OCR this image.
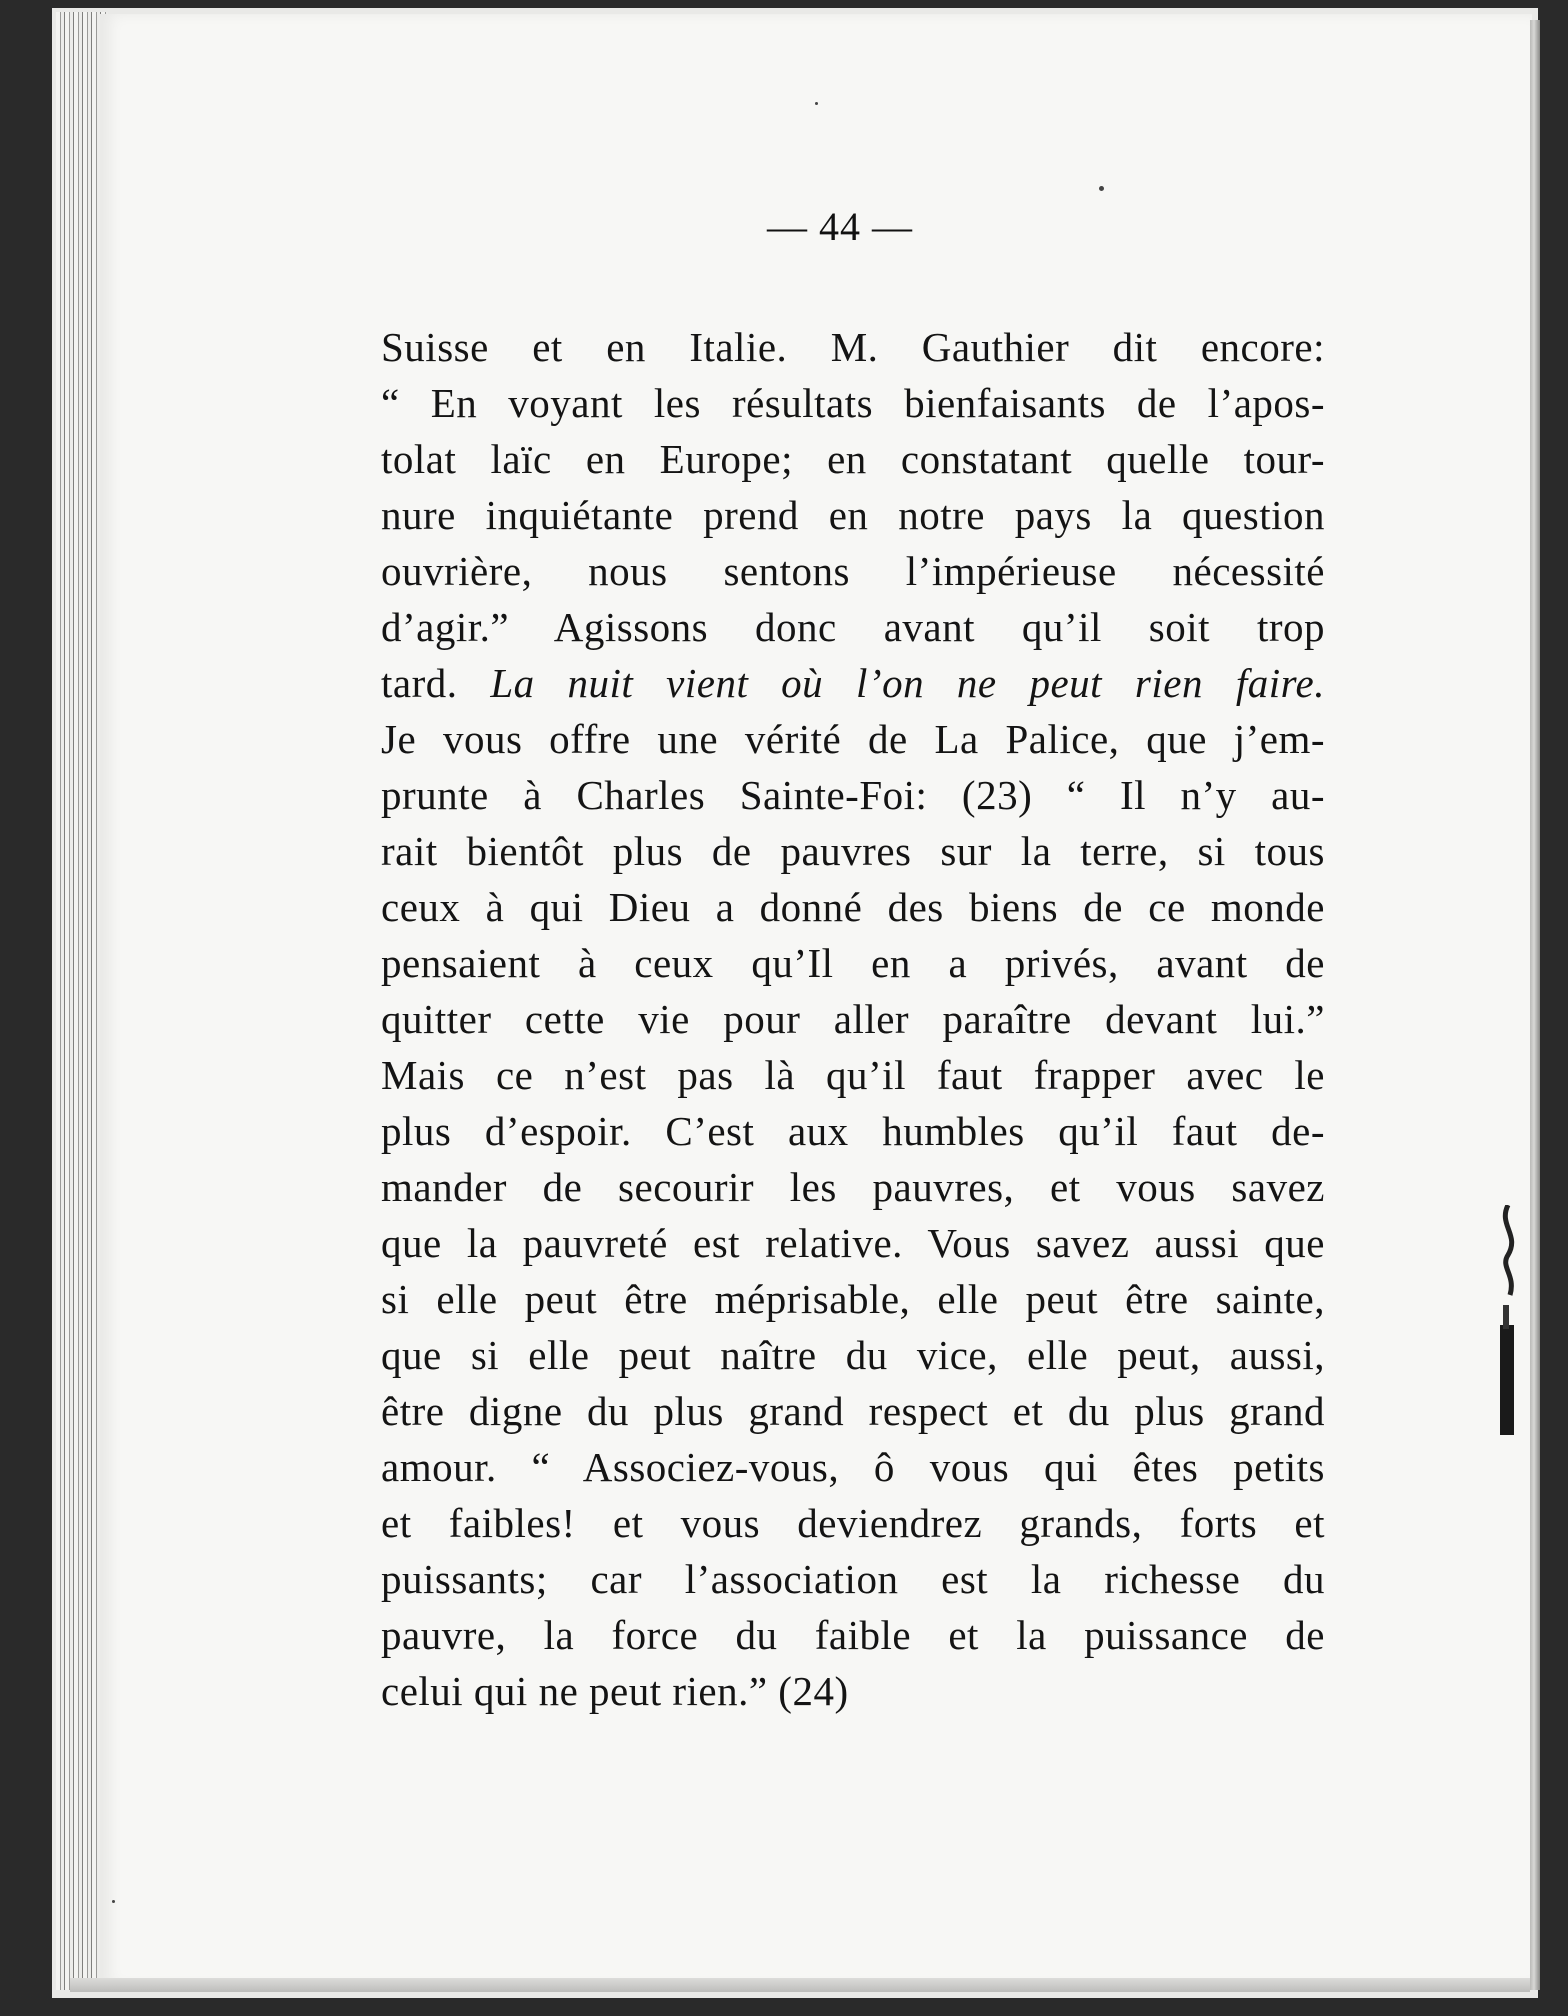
— 44 —
Suisse et en Italie. M. Gauthier dit encore:
“ En voyant les résultats bienfaisants de l’apos-
tolat laïc en Europe; en constatant quelle tour-
nure inquiétante prend en notre pays la question
ouvrière, nous sentons l’impérieuse nécessité
d’agir.” Agissons donc avant qu’il soit trop
tard. La nuit vient où l’on ne peut rien faire.
Je vous offre une vérité de La Palice, que j’em-
prunte à Charles Sainte-Foi: (23) “ Il n’y au-
rait bientôt plus de pauvres sur la terre, si tous
ceux à qui Dieu a donné des biens de ce monde
pensaient à ceux qu’Il en a privés, avant de
quitter cette vie pour aller paraître devant lui.”
Mais ce n’est pas là qu’il faut frapper avec le
plus d’espoir. C’est aux humbles qu’il faut de-
mander de secourir les pauvres, et vous savez
que la pauvreté est relative. Vous savez aussi que
si elle peut être méprisable, elle peut être sainte,
que si elle peut naître du vice, elle peut, aussi,
être digne du plus grand respect et du plus grand
amour. “ Associez-vous, ô vous qui êtes petits
et faibles! et vous deviendrez grands, forts et
puissants; car l’association est la richesse du
pauvre, la force du faible et la puissance de
celui qui ne peut rien.” (24)
